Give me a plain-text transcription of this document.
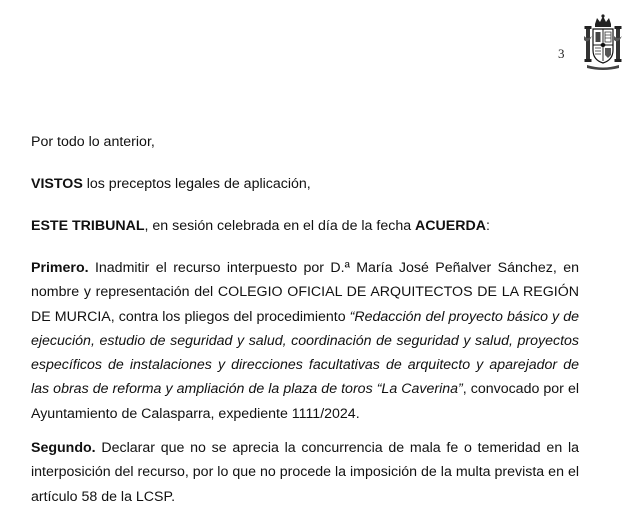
3

Por todo lo anterior,

VISTOS los preceptos legales de aplicación,

ESTE TRIBUNAL, en sesión celebrada en el día de la fecha ACUERDA:

Primero. Inadmitir el recurso interpuesto por D.ª María José Peñalver Sánchez, en nombre y representación del COLEGIO OFICIAL DE ARQUITECTOS DE LA REGIÓN DE MURCIA, contra los pliegos del procedimiento “Redacción del proyecto básico y de ejecución, estudio de seguridad y salud, coordinación de seguridad y salud, proyectos específicos de instalaciones y direcciones facultativas de arquitecto y aparejador de las obras de reforma y ampliación de la plaza de toros “La Caverina”, convocado por el Ayuntamiento de Calasparra, expediente 1111/2024.

Segundo. Declarar que no se aprecia la concurrencia de mala fe o temeridad en la interposición del recurso, por lo que no procede la imposición de la multa prevista en el artículo 58 de la LCSP.
